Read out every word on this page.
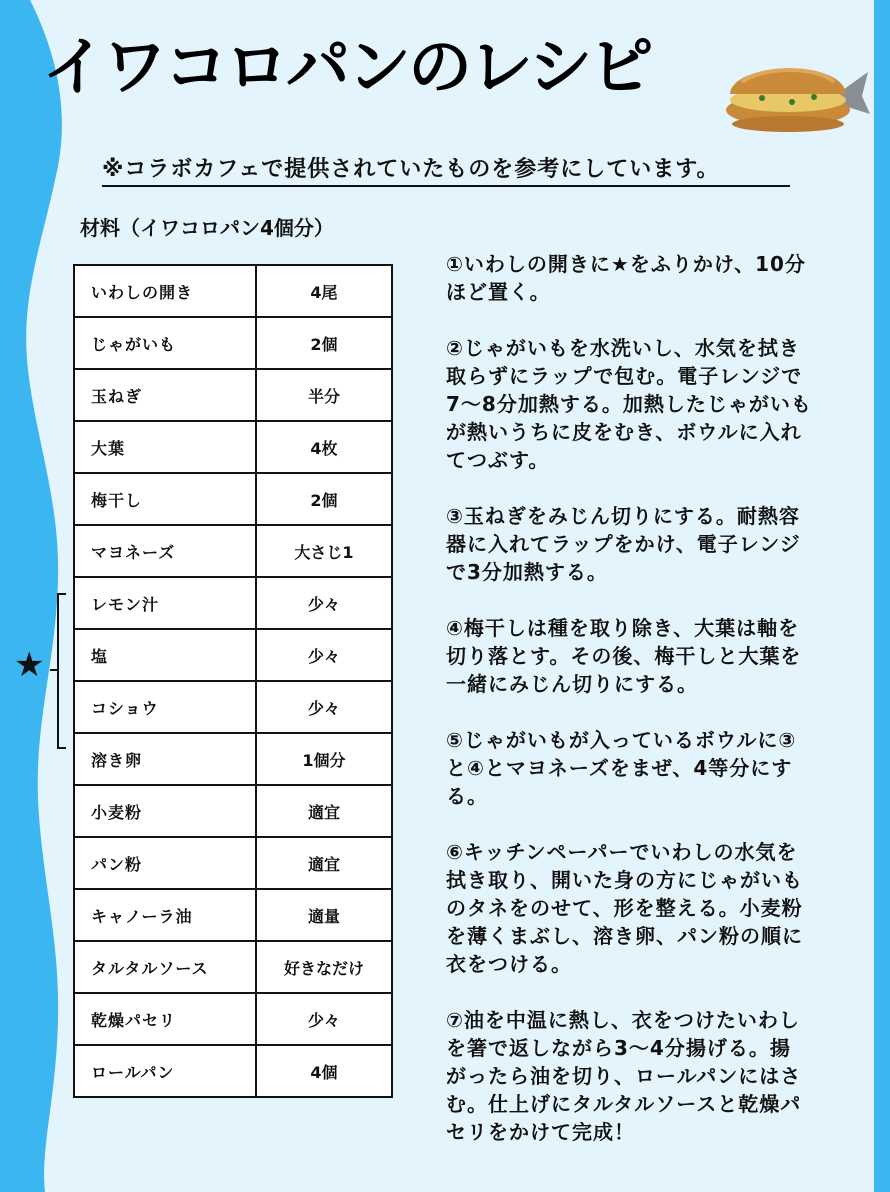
イワコロパンのレシピ

※コラボカフェで提供されていたものを参考にしています。

材料（イワコロパン4個分）
いわしの開き	4尾
じゃがいも	2個
玉ねぎ	半分
大葉	4枚
梅干し	2個
マヨネーズ	大さじ1
レモン汁	少々
塩	少々
コショウ	少々
溶き卵	1個分
小麦粉	適宜
パン粉	適宜
キャノーラ油	適量
タルタルソース	好きなだけ
乾燥パセリ	少々
ロールパン	4個
★

①いわしの開きに★をふりかけ、10分
ほど置く。

②じゃがいもを水洗いし、水気を拭き
取らずにラップで包む。電子レンジで
7〜8分加熱する。加熱したじゃがいも
が熱いうちに皮をむき、ボウルに入れ
てつぶす。

③玉ねぎをみじん切りにする。耐熱容
器に入れてラップをかけ、電子レンジ
で3分加熱する。

④梅干しは種を取り除き、大葉は軸を
切り落とす。その後、梅干しと大葉を
一緒にみじん切りにする。

⑤じゃがいもが入っているボウルに③
と④とマヨネーズをまぜ、4等分にす
る。

⑥キッチンペーパーでいわしの水気を
拭き取り、開いた身の方にじゃがいも
のタネをのせて、形を整える。小麦粉
を薄くまぶし、溶き卵、パン粉の順に
衣をつける。

⑦油を中温に熱し、衣をつけたいわし
を箸で返しながら3〜4分揚げる。揚
がったら油を切り、ロールパンにはさ
む。仕上げにタルタルソースと乾燥パ
セリをかけて完成！
